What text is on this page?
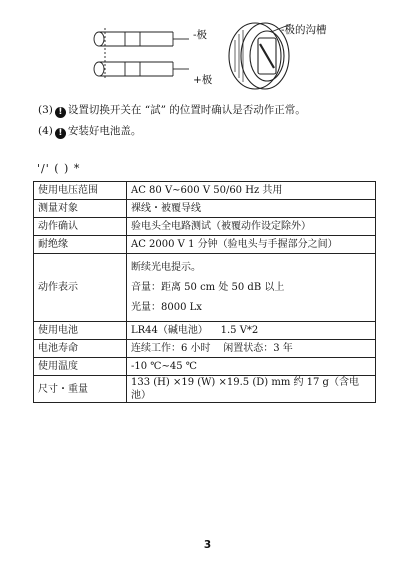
-极
+极
-极的沟槽
(3) ! 设置切换开关在 “試” 的位置时确认是否动作正常。
(4) ! 安装好电池盖。
'/' ( ) *
使用电压范围	AC 80 V∼600 V 50/60 Hz 共用

测量对象	裸线・被覆导线

动作确认	验电头全电路测试（被覆动作设定除外）

耐绝缘	AC 2000 V 1 分钟（验电头与手握部分之间）

动作表示	断续光电提示。
音量：距离 50 cm 处 50 dB 以上
光量：8000 Lx

使用电池	LR44（碱电池）    1.5 V*2

电池寿命	连续工作：6 小时    闲置状态：3 年

使用温度	-10 ℃∼45 ℃

尺寸・重量	133 (H) ×19 (W) ×19.5 (D) mm 约 17 g（含电池）
3
